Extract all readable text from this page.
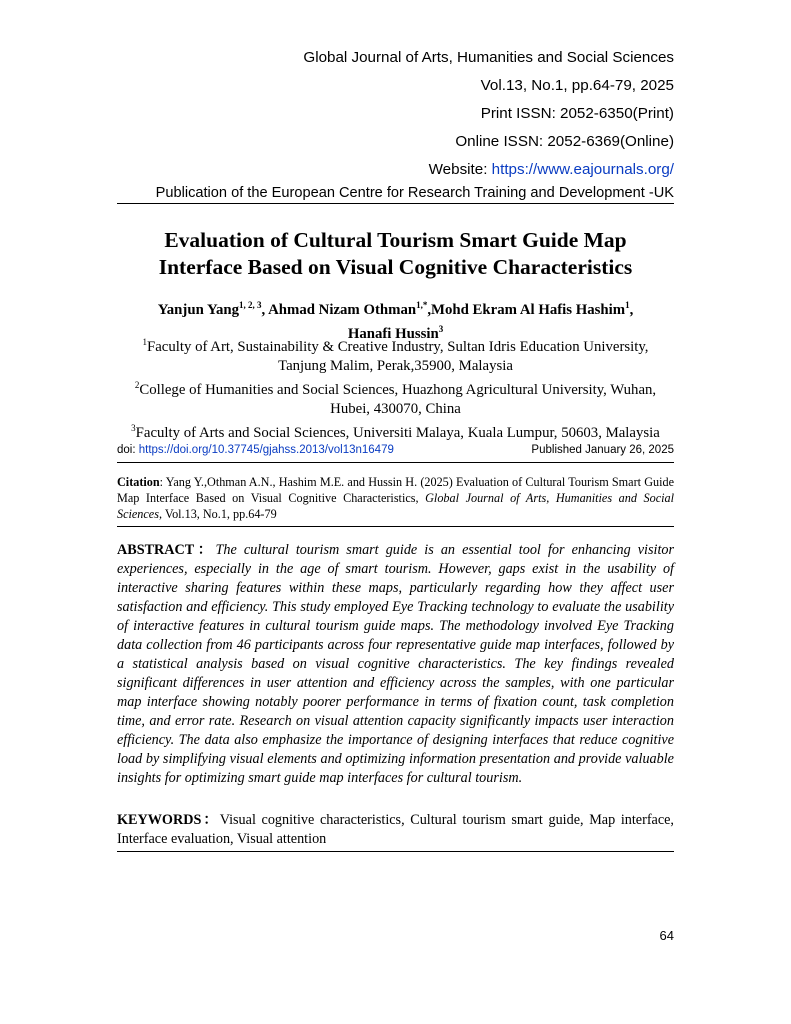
Global Journal of Arts, Humanities and Social Sciences
Vol.13, No.1, pp.64-79, 2025
Print ISSN: 2052-6350(Print)
Online ISSN: 2052-6369(Online)
Website: https://www.eajournals.org/
Publication of the European Centre for Research Training and Development -UK
Evaluation of Cultural Tourism Smart Guide Map
Interface Based on Visual Cognitive Characteristics
Yanjun Yang$^{1, 2, 3}$, Ahmad Nizam Othman$^{1,*}$,Mohd Ekram Al Hafis Hashim$^1$,
Hanafi Hussin$^3$
$^1$Faculty of Art, Sustainability & Creative Industry, Sultan Idris Education University,
Tanjung Malim, Perak,35900, Malaysia
$^2$College of Humanities and Social Sciences, Huazhong Agricultural University, Wuhan,
Hubei, 430070, China
$^3$Faculty of Arts and Social Sciences, Universiti Malaya, Kuala Lumpur, 50603, Malaysia
doi: https://doi.org/10.37745/gjahss.2013/vol13n16479	Published January 26, 2025
Citation: Yang Y.,Othman A.N., Hashim M.E. and Hussin H. (2025) Evaluation of Cultural Tourism Smart Guide Map Interface Based on Visual Cognitive Characteristics, Global Journal of Arts, Humanities and Social Sciences, Vol.13, No.1, pp.64-79
ABSTRACT：The cultural tourism smart guide is an essential tool for enhancing visitor experiences, especially in the age of smart tourism. However, gaps exist in the usability of interactive sharing features within these maps, particularly regarding how they affect user satisfaction and efficiency. This study employed Eye Tracking technology to evaluate the usability of interactive features in cultural tourism guide maps. The methodology involved Eye Tracking data collection from 46 participants across four representative guide map interfaces, followed by a statistical analysis based on visual cognitive characteristics. The key findings revealed significant differences in user attention and efficiency across the samples, with one particular map interface showing notably poorer performance in terms of fixation count, task completion time, and error rate. Research on visual attention capacity significantly impacts user interaction efficiency. The data also emphasize the importance of designing interfaces that reduce cognitive load by simplifying visual elements and optimizing information presentation and provide valuable insights for optimizing smart guide map interfaces for cultural tourism.
KEYWORDS：Visual cognitive characteristics, Cultural tourism smart guide, Map interface, Interface evaluation, Visual attention
64
